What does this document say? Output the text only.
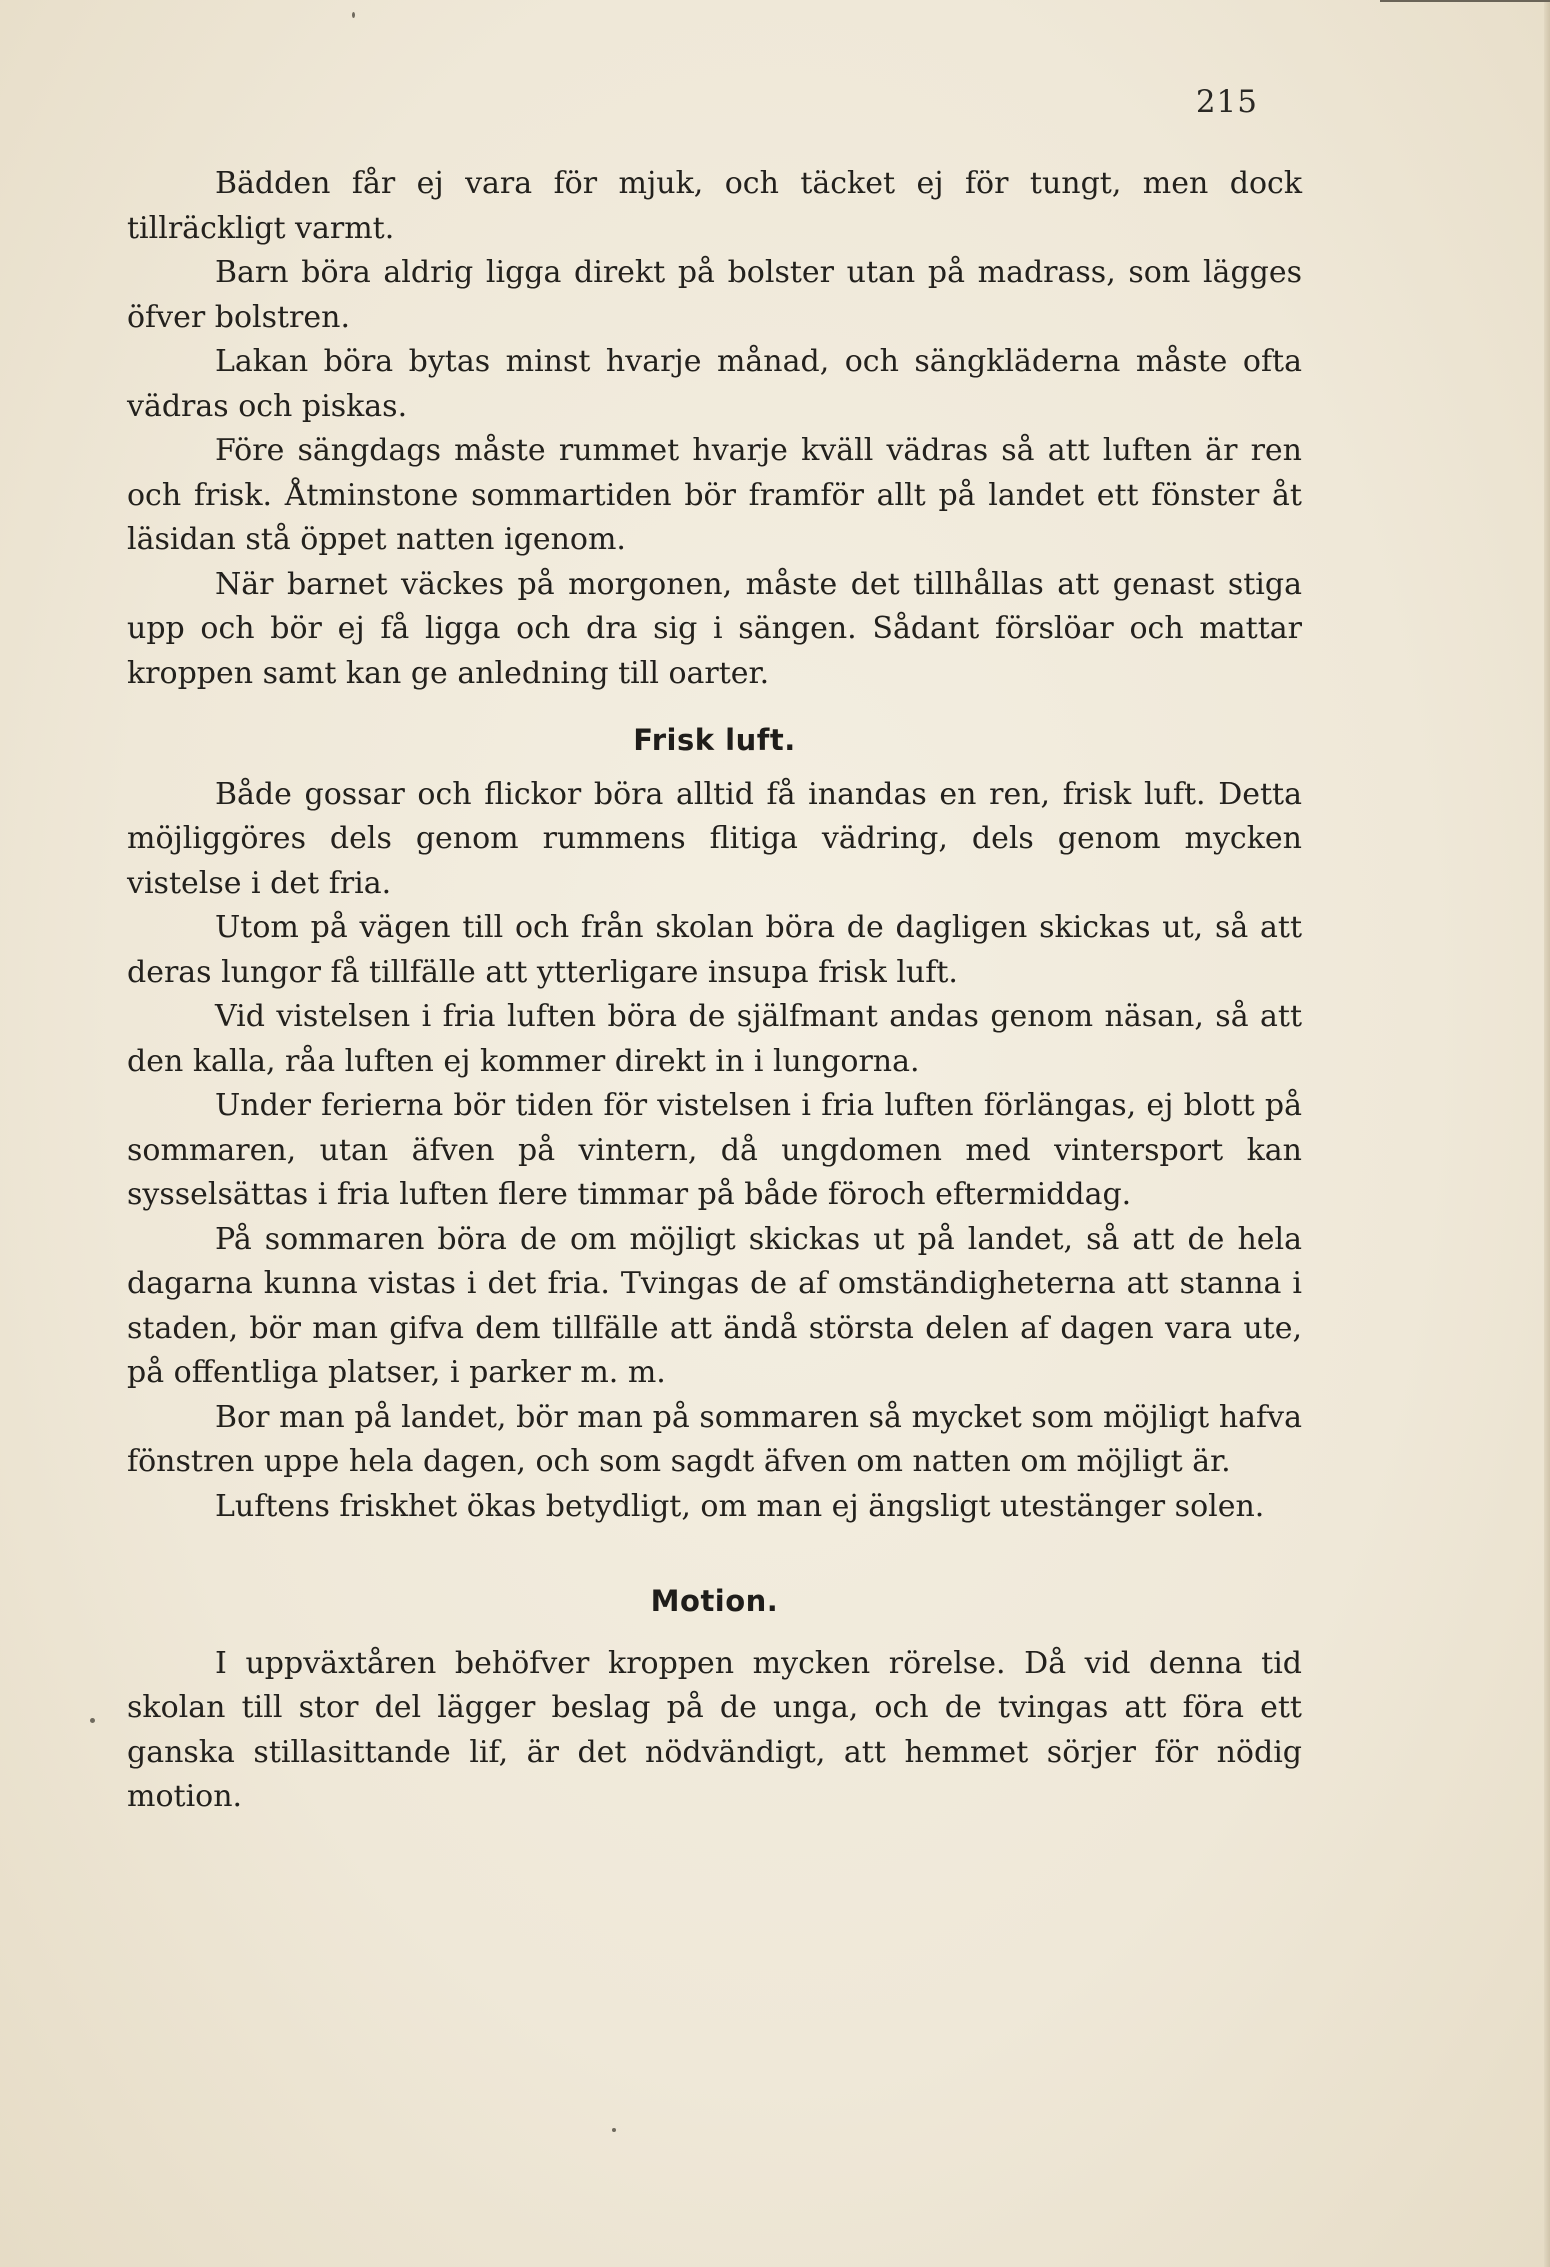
215

Bädden får ej vara för mjuk, och täcket ej för tungt, men dock tillräckligt varmt.

Barn böra aldrig ligga direkt på bolster utan på madrass, som lägges öfver bolstren.

Lakan böra bytas minst hvarje månad, och sängkläderna måste ofta vädras och piskas.

Före sängdags måste rummet hvarje kväll vädras så att luften är ren och frisk. Åtminstone sommartiden bör framför allt på landet ett fönster åt läsidan stå öppet natten igenom.

När barnet väckes på morgonen, måste det tillhållas att genast stiga upp och bör ej få ligga och dra sig i sängen. Sådant förslöar och mattar kroppen samt kan ge anledning till oarter.

Frisk luft.

Både gossar och flickor böra alltid få inandas en ren, frisk luft. Detta möjliggöres dels genom rummens flitiga vädring, dels genom mycken vistelse i det fria.

Utom på vägen till och från skolan böra de dagligen skickas ut, så att deras lungor få tillfälle att ytterligare insupa frisk luft.

Vid vistelsen i fria luften böra de själfmant andas genom näsan, så att den kalla, råa luften ej kommer direkt in i lungorna.

Under ferierna bör tiden för vistelsen i fria luften förlängas, ej blott på sommaren, utan äfven på vintern, då ungdomen med vintersport kan sysselsättas i fria luften flere timmar på både förоch eftermiddag.

På sommaren böra de om möjligt skickas ut på landet, så att de hela dagarna kunna vistas i det fria. Tvingas de af omständigheterna att stanna i staden, bör man gifva dem tillfälle att ändå största delen af dagen vara ute, på offentliga platser, i parker m. m.

Bor man på landet, bör man på sommaren så mycket som möjligt hafva fönstren uppe hela dagen, och som sagdt äfven om natten om möjligt är.

Luftens friskhet ökas betydligt, om man ej ängsligt utestänger solen.

Motion.

I uppväxtåren behöfver kroppen mycken rörelse. Då vid denna tid skolan till stor del lägger beslag på de unga, och de tvingas att föra ett ganska stillasittande lif, är det nödvändigt, att hemmet sörjer för nödig motion.
